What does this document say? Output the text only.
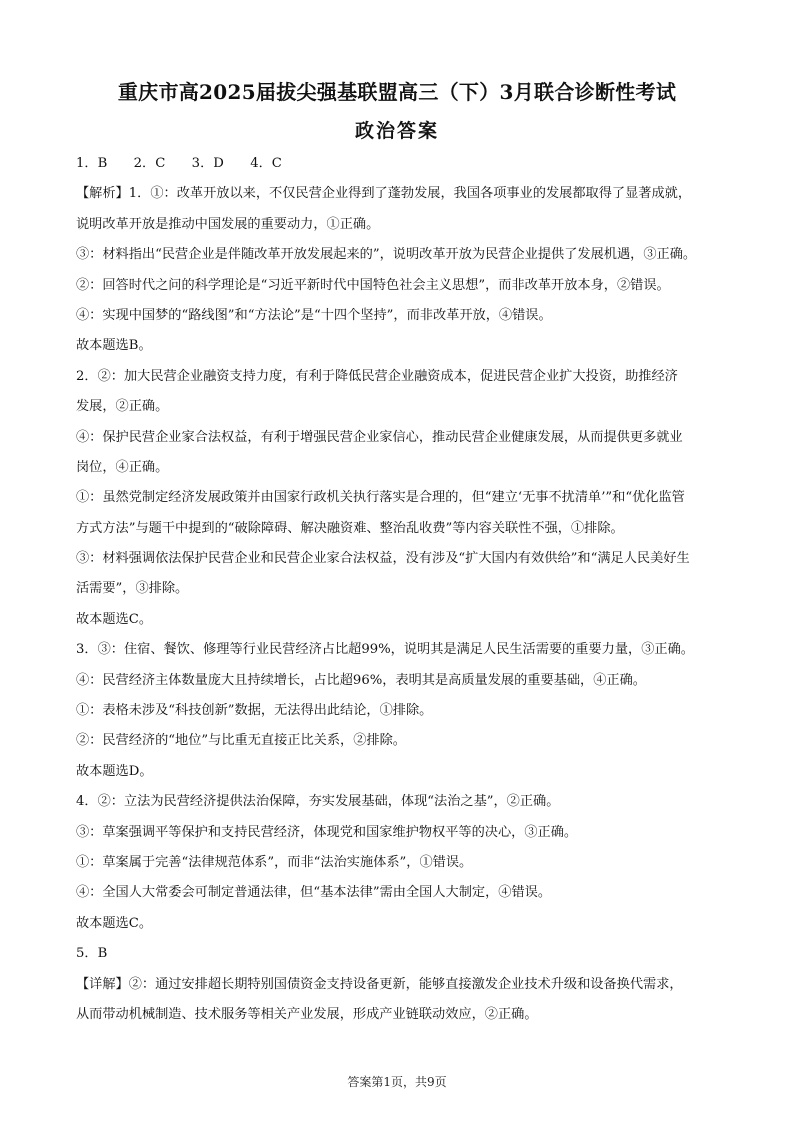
重庆市高2025届拔尖强基联盟高三（下）3月联合诊断性考试
政治答案
1．B　　2．C　　3．D　　4．C
【解析】1．①：改革开放以来，不仅民营企业得到了蓬勃发展，我国各项事业的发展都取得了显著成就，
说明改革开放是推动中国发展的重要动力，①正确。
③：材料指出“民营企业是伴随改革开放发展起来的”，说明改革开放为民营企业提供了发展机遇，③正确。
②：回答时代之问的科学理论是“习近平新时代中国特色社会主义思想”，而非改革开放本身，②错误。
④：实现中国梦的“路线图”和“方法论”是“十四个坚持”，而非改革开放，④错误。
故本题选B。
2．②：加大民营企业融资支持力度，有利于降低民营企业融资成本，促进民营企业扩大投资，助推经济
发展，②正确。
④：保护民营企业家合法权益，有利于增强民营企业家信心，推动民营企业健康发展，从而提供更多就业
岗位，④正确。
①：虽然党制定经济发展政策并由国家行政机关执行落实是合理的，但“建立‘无事不扰清单’”和“优化监管
方式方法”与题干中提到的“破除障碍、解决融资难、整治乱收费”等内容关联性不强，①排除。
③：材料强调依法保护民营企业和民营企业家合法权益，没有涉及“扩大国内有效供给”和“满足人民美好生
活需要”，③排除。
故本题选C。
3．③：住宿、餐饮、修理等行业民营经济占比超99%，说明其是满足人民生活需要的重要力量，③正确。
④：民营经济主体数量庞大且持续增长，占比超96%，表明其是高质量发展的重要基础，④正确。
①：表格未涉及“科技创新”数据，无法得出此结论，①排除。
②：民营经济的“地位”与比重无直接正比关系，②排除。
故本题选D。
4．②：立法为民营经济提供法治保障，夯实发展基础，体现“法治之基”，②正确。
③：草案强调平等保护和支持民营经济，体现党和国家维护物权平等的决心，③正确。
①：草案属于完善“法律规范体系”，而非“法治实施体系”，①错误。
④：全国人大常委会可制定普通法律，但“基本法律”需由全国人大制定，④错误。
故本题选C。
5．B
【详解】②：通过安排超长期特别国债资金支持设备更新，能够直接激发企业技术升级和设备换代需求，
从而带动机械制造、技术服务等相关产业发展，形成产业链联动效应，②正确。
答案第1页，共9页
